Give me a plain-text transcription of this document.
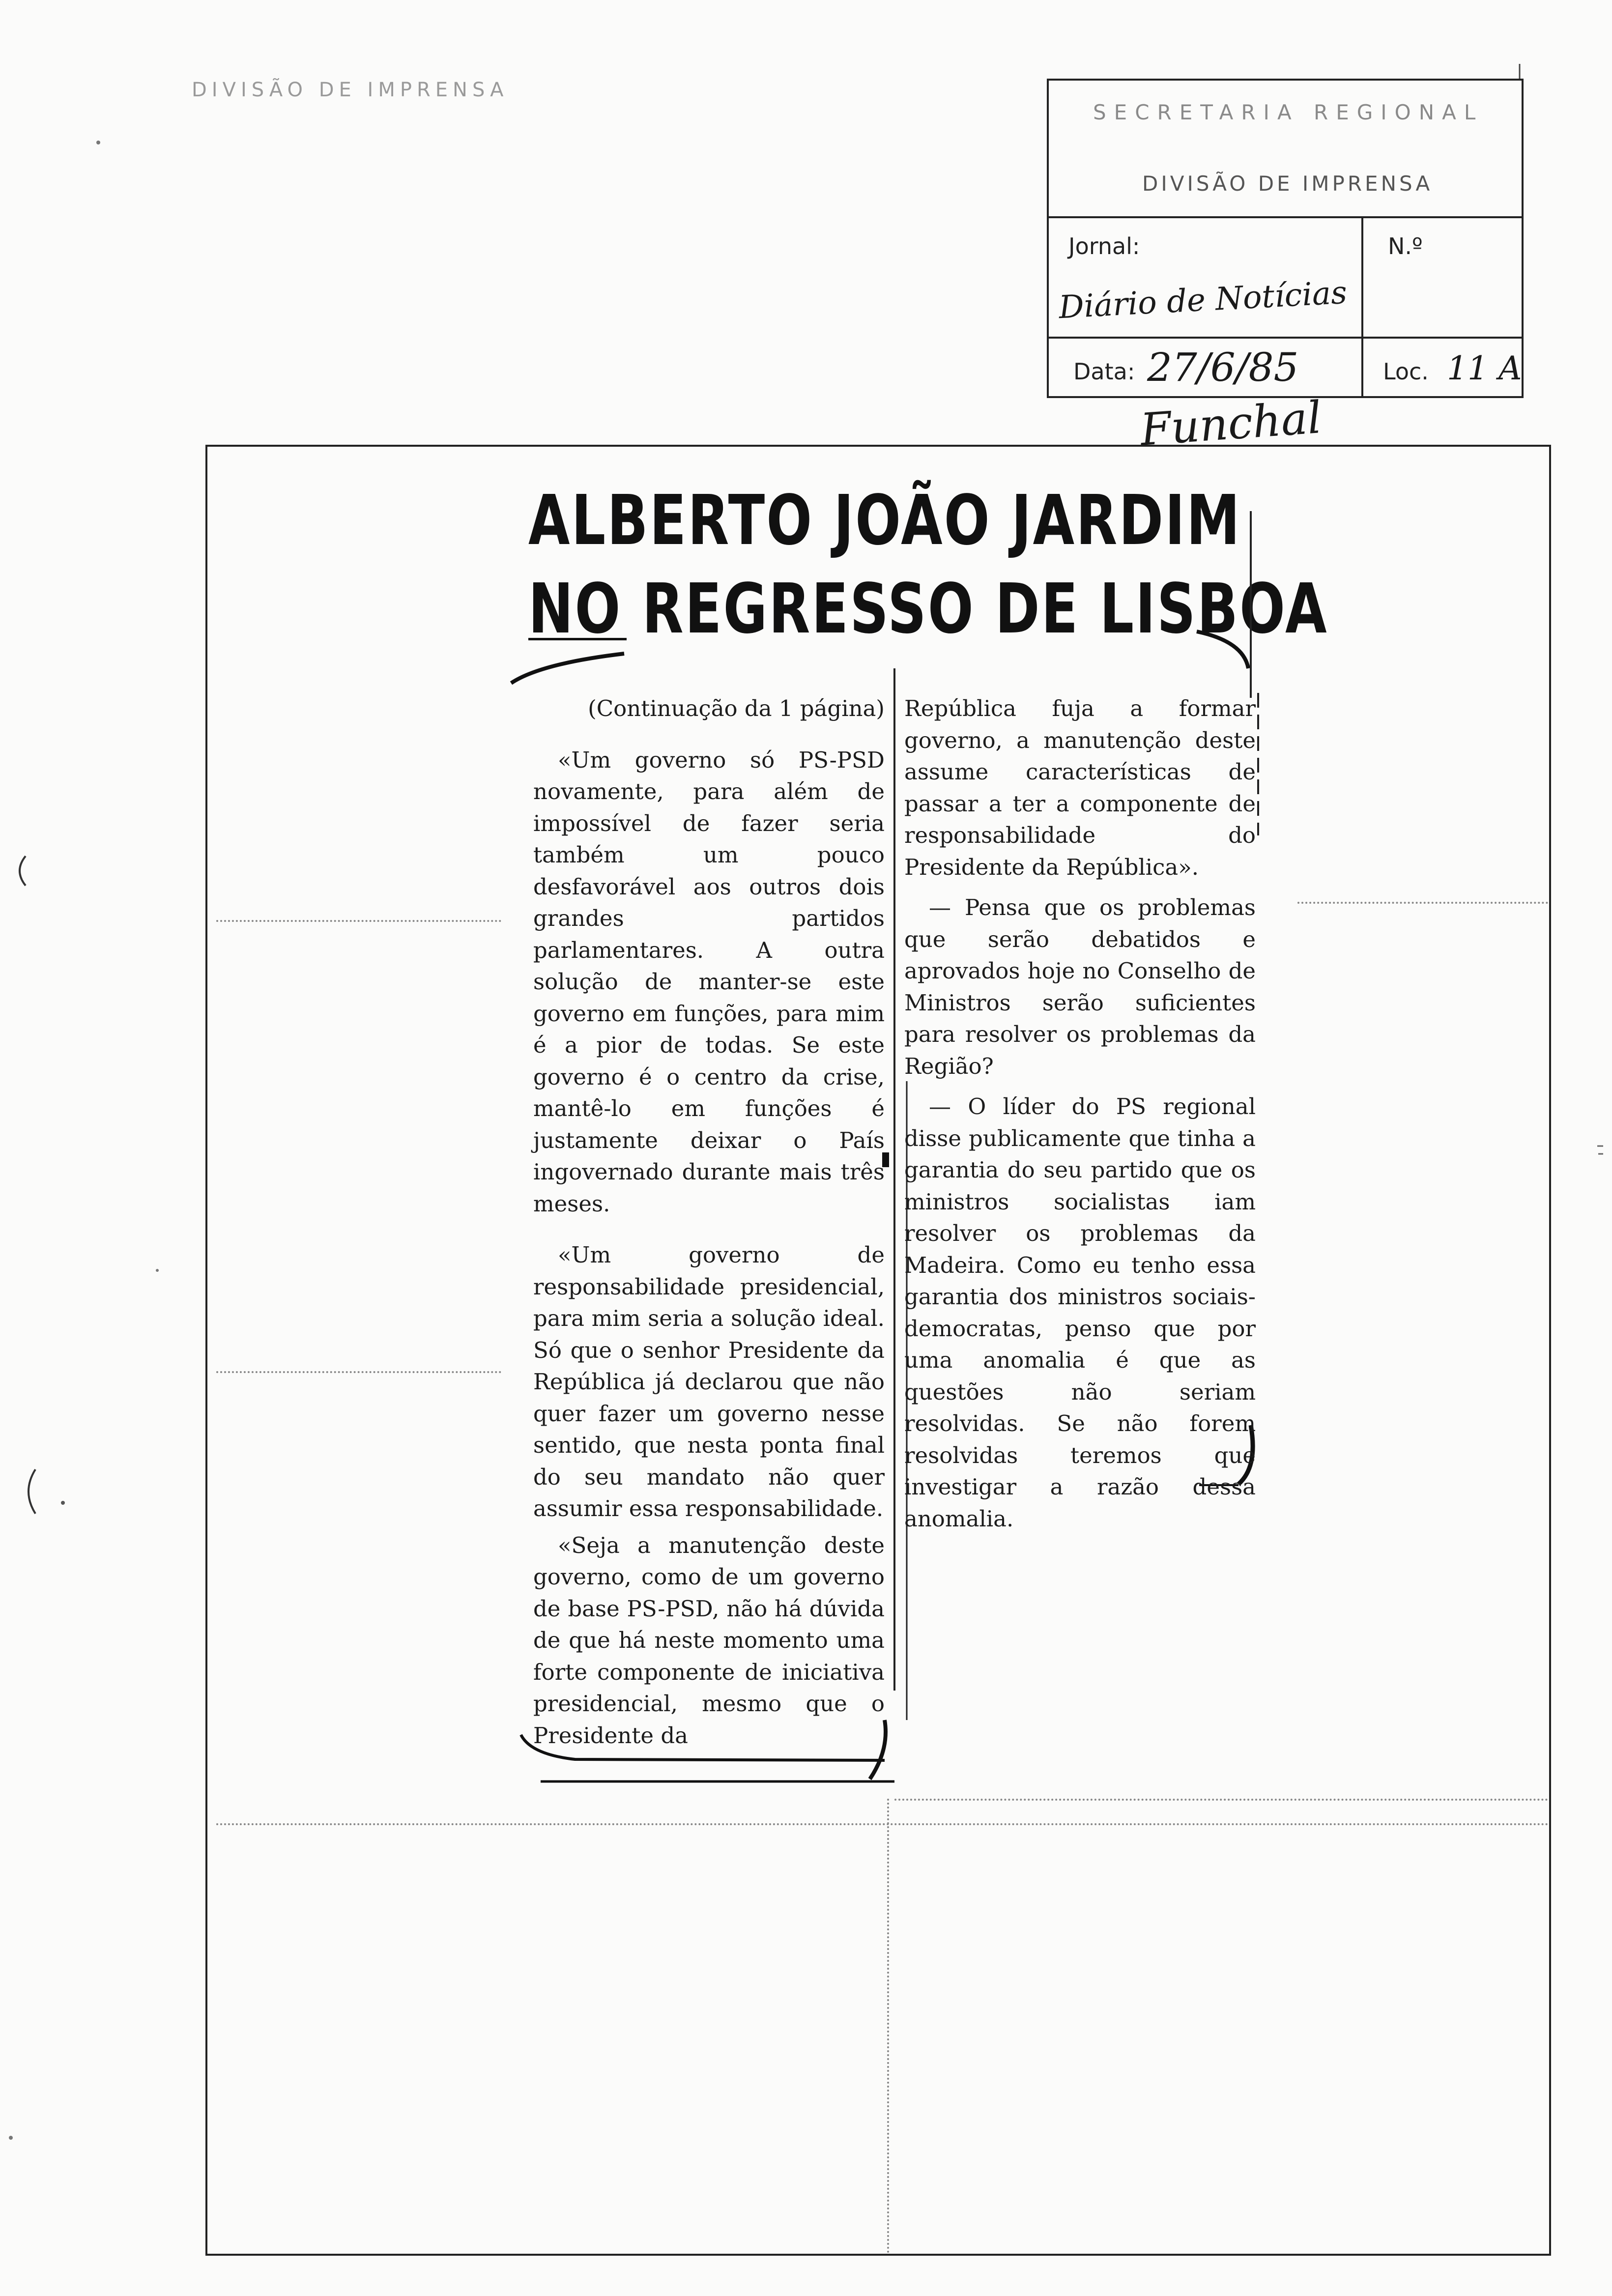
DIVISÃO DE IMPRENSA
SECRETARIA REGIONAL
DIVISÃO DE IMPRENSA
Jornal:
Diário de Notícias
N.º
Data: 27/6/85	Loc. 11 A
Funchal
ALBERTO JOÃO JARDIM
NO REGRESSO DE LISBOA

(Continuação da 1 página)

«Um governo só PS-PSD novamente, para além de impossível de fazer seria também um pouco desfavorável aos outros dois grandes partidos parlamentares. A outra solução de manter-se este governo em funções, para mim é a pior de todas. Se este governo é o centro da crise, mantê-lo em funções é justamente deixar o País ingovernado durante mais três meses.

«Um governo de responsabilidade presidencial, para mim seria a solução ideal. Só que o senhor Presidente da República já declarou que não quer fazer um governo nesse sentido, que nesta ponta final do seu mandato não quer assumir essa responsabilidade.

«Seja a manutenção deste governo, como de um governo de base PS-PSD, não há dúvida de que há neste momento uma forte componente de iniciativa presidencial, mesmo que o Presidente da

República fuja a formar governo, a manutenção deste assume características de passar a ter a componente de responsabilidade do Presidente da República».

— Pensa que os problemas que serão debatidos e aprovados hoje no Conselho de Ministros serão suficientes para resolver os problemas da Região?

— O líder do PS regional disse publicamente que tinha a garantia do seu partido que os ministros socialistas iam resolver os problemas da Madeira. Como eu tenho essa garantia dos ministros sociais-democratas, penso que por uma anomalia é que as questões não seriam resolvidas. Se não forem resolvidas teremos que investigar a razão dessa anomalia.
